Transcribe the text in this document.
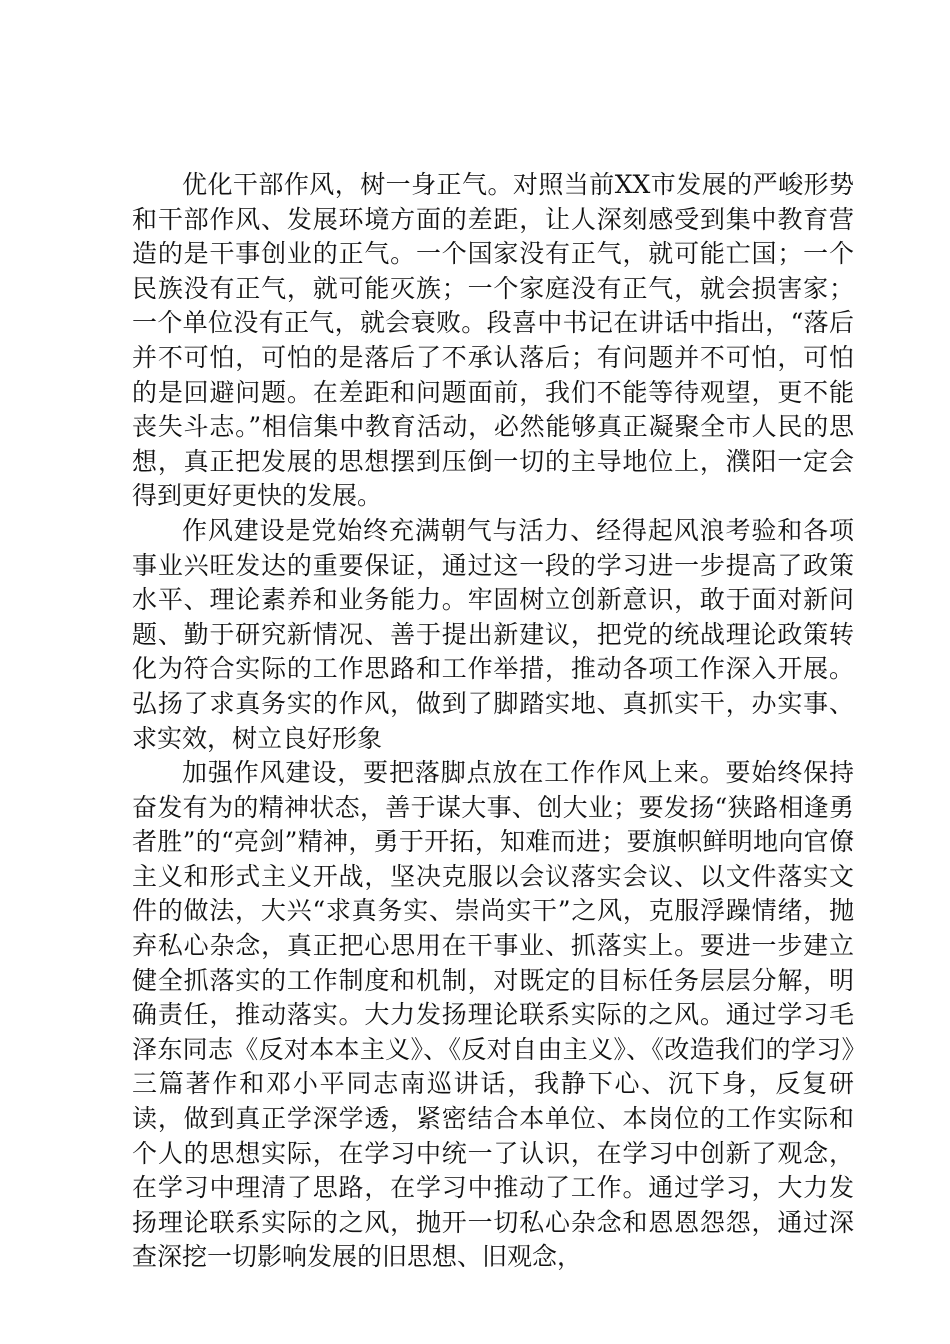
优化干部作风，树一身正气。对照当前XX市发展的严峻形势和干部作风、发展环境方面的差距，让人深刻感受到集中教育营造的是干事创业的正气。一个国家没有正气，就可能亡国；一个民族没有正气，就可能灭族；一个家庭没有正气，就会损害家；一个单位没有正气，就会衰败。段喜中书记在讲话中指出，“落后并不可怕，可怕的是落后了不承认落后；有问题并不可怕，可怕的是回避问题。在差距和问题面前，我们不能等待观望，更不能丧失斗志。”相信集中教育活动，必然能够真正凝聚全市人民的思想，真正把发展的思想摆到压倒一切的主导地位上，濮阳一定会得到更好更快的发展。

作风建设是党始终充满朝气与活力、经得起风浪考验和各项事业兴旺发达的重要保证，通过这一段的学习进一步提高了政策水平、理论素养和业务能力。牢固树立创新意识，敢于面对新问题、勤于研究新情况、善于提出新建议，把党的统战理论政策转化为符合实际的工作思路和工作举措，推动各项工作深入开展。弘扬了求真务实的作风，做到了脚踏实地、真抓实干，办实事、求实效，树立良好形象

加强作风建设，要把落脚点放在工作作风上来。要始终保持奋发有为的精神状态，善于谋大事、创大业；要发扬“狭路相逢勇者胜”的“亮剑”精神，勇于开拓，知难而进；要旗帜鲜明地向官僚主义和形式主义开战，坚决克服以会议落实会议、以文件落实文件的做法，大兴“求真务实、崇尚实干”之风，克服浮躁情绪，抛弃私心杂念，真正把心思用在干事业、抓落实上。要进一步建立健全抓落实的工作制度和机制，对既定的目标任务层层分解，明确责任，推动落实。大力发扬理论联系实际的之风。通过学习毛泽东同志《反对本本主义》、《反对自由主义》、《改造我们的学习》三篇著作和邓小平同志南巡讲话，我静下心、沉下身，反复研读，做到真正学深学透，紧密结合本单位、本岗位的工作实际和个人的思想实际，在学习中统一了认识，在学习中创新了观念，在学习中理清了思路，在学习中推动了工作。通过学习，大力发扬理论联系实际的之风，抛开一切私心杂念和恩恩怨怨，通过深查深挖一切影响发展的旧思想、旧观念，
